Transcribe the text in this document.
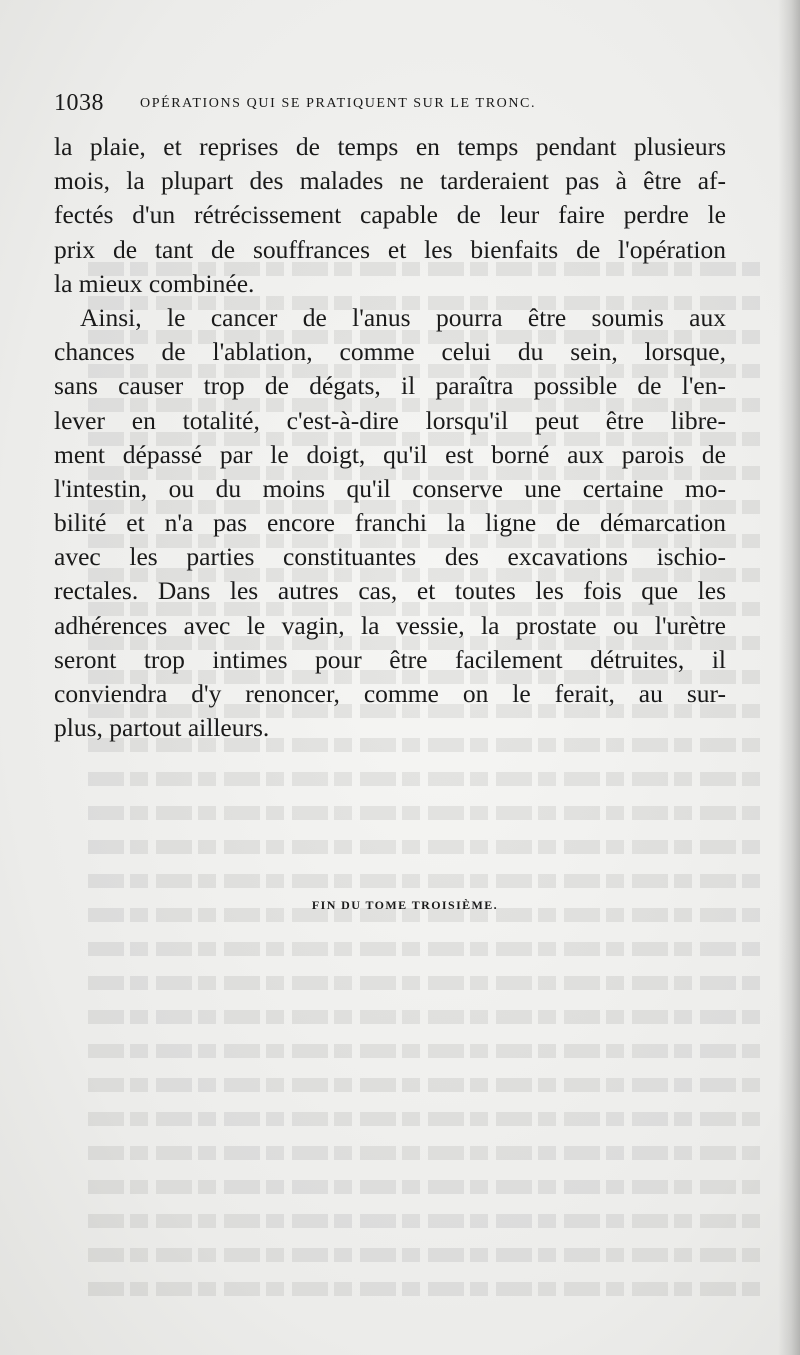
1038	OPÉRATIONS QUI SE PRATIQUENT SUR LE TRONC.
la plaie, et reprises de temps en temps pendant plusieurs
mois, la plupart des malades ne tarderaient pas à être af-
fectés d'un rétrécissement capable de leur faire perdre le
prix de tant de souffrances et les bienfaits de l'opération
la mieux combinée.
Ainsi, le cancer de l'anus pourra être soumis aux
chances de l'ablation, comme celui du sein, lorsque,
sans causer trop de dégats, il paraîtra possible de l'en-
lever en totalité, c'est-à-dire lorsqu'il peut être libre-
ment dépassé par le doigt, qu'il est borné aux parois de
l'intestin, ou du moins qu'il conserve une certaine mo-
bilité et n'a pas encore franchi la ligne de démarcation
avec les parties constituantes des excavations ischio-
rectales. Dans les autres cas, et toutes les fois que les
adhérences avec le vagin, la vessie, la prostate ou l'urètre
seront trop intimes pour être facilement détruites, il
conviendra d'y renoncer, comme on le ferait, au sur-
plus, partout ailleurs.
FIN DU TOME TROISIÈME.
